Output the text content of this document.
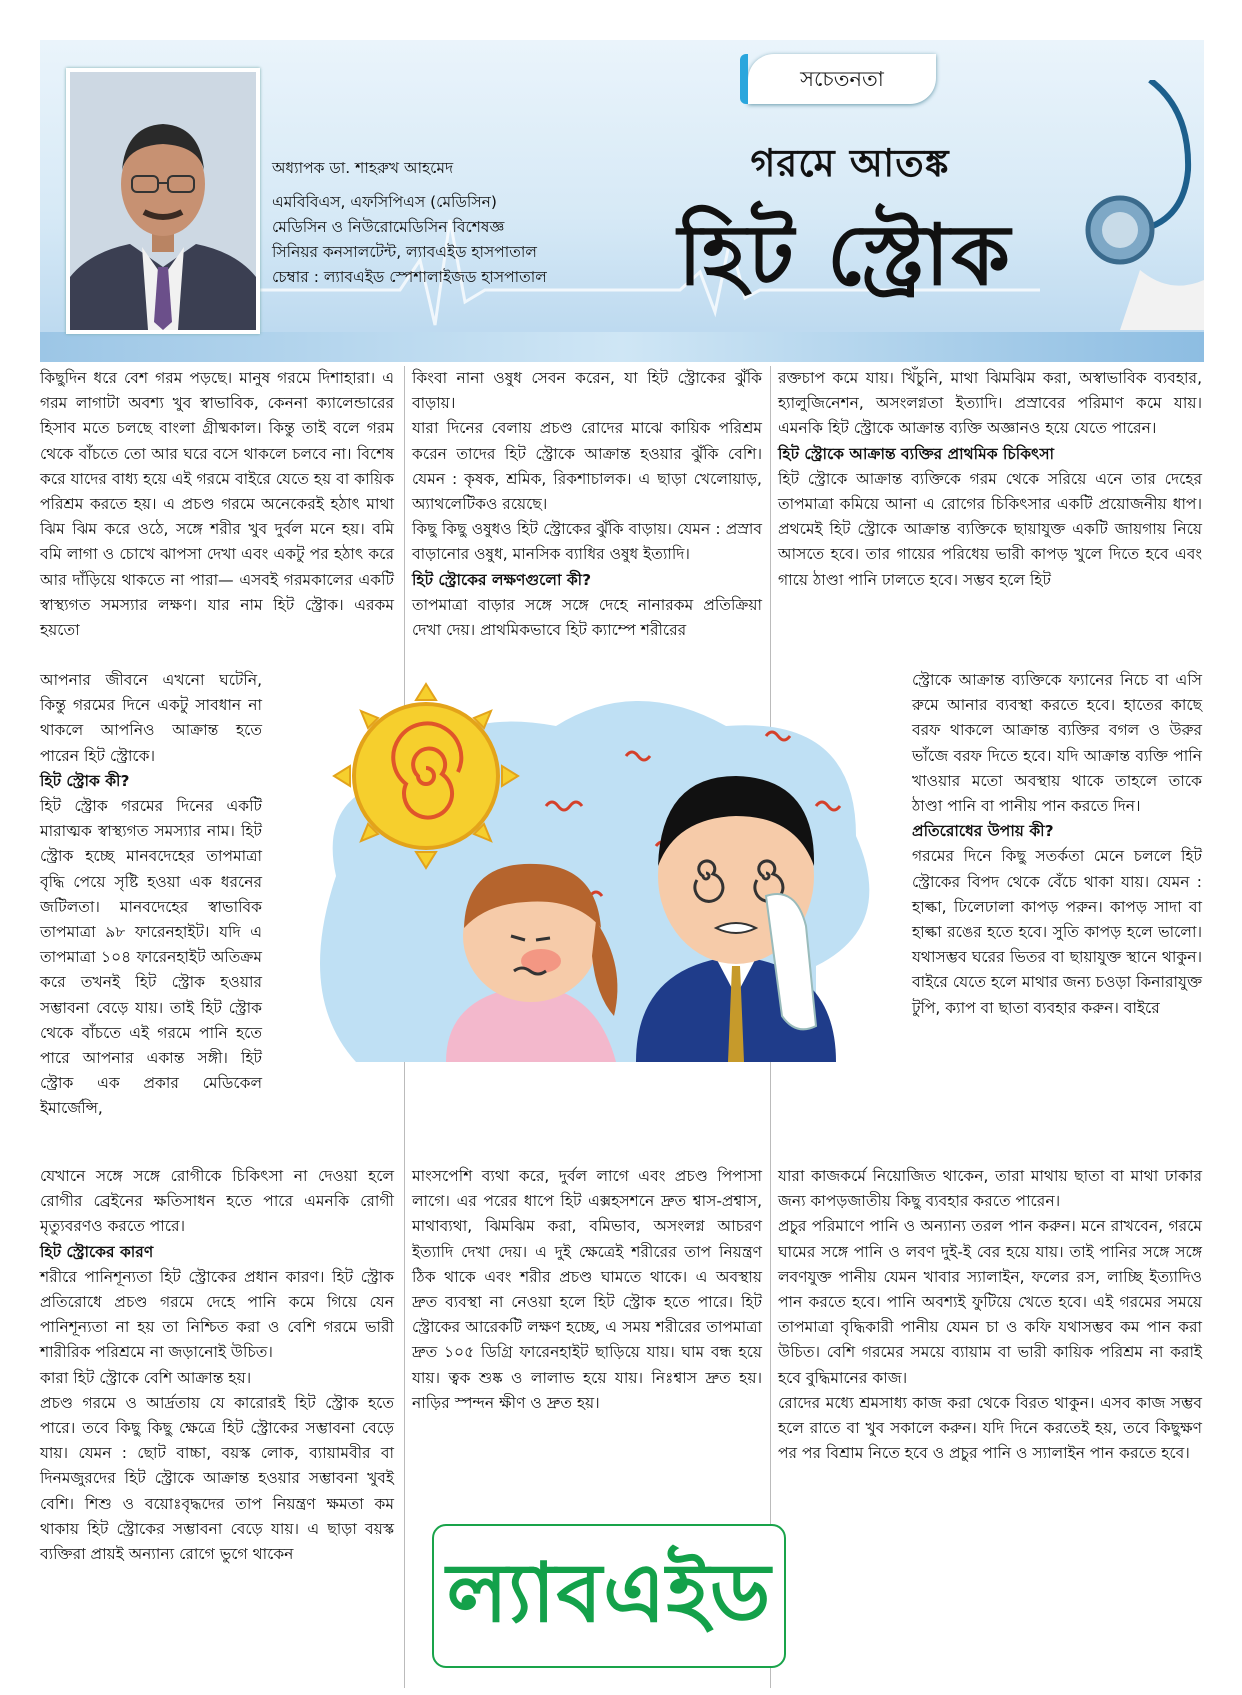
অধ্যাপক ডা. শাহরুখ আহমেদ
এমবিবিএস, এফসিপিএস (মেডিসিন)
মেডিসিন ও নিউরোমেডিসিন বিশেষজ্ঞ
সিনিয়র কনসালটেন্ট, ল্যাবএইড হাসপাতাল
চেম্বার : ল্যাবএইড স্পেশালাইজড হাসপাতাল
সচেতনতা
গরমে আতঙ্ক
হিট স্ট্রোক

কিছুদিন ধরে বেশ গরম পড়ছে। মানুষ গরমে দিশাহারা। এ গরম লাগাটা অবশ্য খুব স্বাভাবিক, কেননা ক্যালেন্ডারের হিসাব মতে চলছে বাংলা গ্রীষ্মকাল। কিন্তু তাই বলে গরম থেকে বাঁচতে তো আর ঘরে বসে থাকলে চলবে না। বিশেষ করে যাদের বাধ্য হয়ে এই গরমে বাইরে যেতে হয় বা কায়িক পরিশ্রম করতে হয়। এ প্রচণ্ড গরমে অনেকেরই হঠাৎ মাথা ঝিম ঝিম করে ওঠে, সঙ্গে শরীর খুব দুর্বল মনে হয়। বমি বমি লাগা ও চোখে ঝাপসা দেখা এবং একটু পর হঠাৎ করে আর দাঁড়িয়ে থাকতে না পারা— এসবই গরমকালের একটি স্বাস্থ্যগত সমস্যার লক্ষণ। যার নাম হিট স্ট্রোক। এরকম হয়তো

আপনার জীবনে এখনো ঘটেনি, কিন্তু গরমের দিনে একটু সাবধান না থাকলে আপনিও আক্রান্ত হতে পারেন হিট স্ট্রোকে।

হিট স্ট্রোক কী?

হিট স্ট্রোক গরমের দিনের একটি মারাত্মক স্বাস্থ্যগত সমস্যার নাম। হিট স্ট্রোক হচ্ছে মানবদেহের তাপমাত্রা বৃদ্ধি পেয়ে সৃষ্টি হওয়া এক ধরনের জটিলতা। মানবদেহের স্বাভাবিক তাপমাত্রা ৯৮ ফারেনহাইট। যদি এ তাপমাত্রা ১০৪ ফারেনহাইট অতিক্রম করে তখনই হিট স্ট্রোক হওয়ার সম্ভাবনা বেড়ে যায়। তাই হিট স্ট্রোক থেকে বাঁচতে এই গরমে পানি হতে পারে আপনার একান্ত সঙ্গী। হিট স্ট্রোক এক প্রকার মেডিকেল ইমার্জেন্সি,

যেখানে সঙ্গে সঙ্গে রোগীকে চিকিৎসা না দেওয়া হলে রোগীর ব্রেইনের ক্ষতিসাধন হতে পারে এমনকি রোগী মৃত্যুবরণও করতে পারে।

হিট স্ট্রোকের কারণ

শরীরে পানিশূন্যতা হিট স্ট্রোকের প্রধান কারণ। হিট স্ট্রোক প্রতিরোধে প্রচণ্ড গরমে দেহে পানি কমে গিয়ে যেন পানিশূন্যতা না হয় তা নিশ্চিত করা ও বেশি গরমে ভারী শারীরিক পরিশ্রমে না জড়ানোই উচিত।

কারা হিট স্ট্রোকে বেশি আক্রান্ত হয়।

প্রচণ্ড গরমে ও আর্দ্রতায় যে কারোরই হিট স্ট্রোক হতে পারে। তবে কিছু কিছু ক্ষেত্রে হিট স্ট্রোকের সম্ভাবনা বেড়ে যায়। যেমন : ছোট বাচ্চা, বয়স্ক লোক, ব্যায়ামবীর বা দিনমজুরদের হিট স্ট্রোকে আক্রান্ত হওয়ার সম্ভাবনা খুবই বেশি। শিশু ও বয়োঃবৃদ্ধদের তাপ নিয়ন্ত্রণ ক্ষমতা কম থাকায় হিট স্ট্রোকের সম্ভাবনা বেড়ে যায়। এ ছাড়া বয়স্ক ব্যক্তিরা প্রায়ই অন্যান্য রোগে ভুগে থাকেন

কিংবা নানা ওষুধ সেবন করেন, যা হিট স্ট্রোকের ঝুঁকি বাড়ায়।

যারা দিনের বেলায় প্রচণ্ড রোদের মাঝে কায়িক পরিশ্রম করেন তাদের হিট স্ট্রোকে আক্রান্ত হওয়ার ঝুঁকি বেশি। যেমন : কৃষক, শ্রমিক, রিকশাচালক। এ ছাড়া খেলোয়াড়, অ্যাথলেটিকও রয়েছে।

কিছু কিছু ওষুধও হিট স্ট্রোকের ঝুঁকি বাড়ায়। যেমন : প্রস্রাব বাড়ানোর ওষুধ, মানসিক ব্যাধির ওষুধ ইত্যাদি।

হিট স্ট্রোকের লক্ষণগুলো কী?

তাপমাত্রা বাড়ার সঙ্গে সঙ্গে দেহে নানারকম প্রতিক্রিয়া দেখা দেয়। প্রাথমিকভাবে হিট ক্যাম্পে শরীরের

মাংসপেশি ব্যথা করে, দুর্বল লাগে এবং প্রচণ্ড পিপাসা লাগে। এর পরের ধাপে হিট এক্সহসশনে দ্রুত শ্বাস-প্রশ্বাস, মাথাব্যথা, ঝিমঝিম করা, বমিভাব, অসংলগ্ন আচরণ ইত্যাদি দেখা দেয়। এ দুই ক্ষেত্রেই শরীরের তাপ নিয়ন্ত্রণ ঠিক থাকে এবং শরীর প্রচণ্ড ঘামতে থাকে। এ অবস্থায় দ্রুত ব্যবস্থা না নেওয়া হলে হিট স্ট্রোক হতে পারে। হিট স্ট্রোকের আরেকটি লক্ষণ হচ্ছে, এ সময় শরীরের তাপমাত্রা দ্রুত ১০৫ ডিগ্রি ফারেনহাইট ছাড়িয়ে যায়। ঘাম বন্ধ হয়ে যায়। ত্বক শুষ্ক ও লালাভ হয়ে যায়। নিঃশ্বাস দ্রুত হয়। নাড়ির স্পন্দন ক্ষীণ ও দ্রুত হয়।

রক্তচাপ কমে যায়। খিঁচুনি, মাথা ঝিমঝিম করা, অস্বাভাবিক ব্যবহার, হ্যালুজিনেশন, অসংলগ্নতা ইত্যাদি। প্রস্রাবের পরিমাণ কমে যায়। এমনকি হিট স্ট্রোকে আক্রান্ত ব্যক্তি অজ্ঞানও হয়ে যেতে পারেন।

হিট স্ট্রোকে আক্রান্ত ব্যক্তির প্রাথমিক চিকিৎসা

হিট স্ট্রোকে আক্রান্ত ব্যক্তিকে গরম থেকে সরিয়ে এনে তার দেহের তাপমাত্রা কমিয়ে আনা এ রোগের চিকিৎসার একটি প্রয়োজনীয় ধাপ। প্রথমেই হিট স্ট্রোকে আক্রান্ত ব্যক্তিকে ছায়াযুক্ত একটি জায়গায় নিয়ে আসতে হবে। তার গায়ের পরিধেয় ভারী কাপড় খুলে দিতে হবে এবং গায়ে ঠাণ্ডা পানি ঢালতে হবে। সম্ভব হলে হিট

স্ট্রোকে আক্রান্ত ব্যক্তিকে ফ্যানের নিচে বা এসি রুমে আনার ব্যবস্থা করতে হবে। হাতের কাছে বরফ থাকলে আক্রান্ত ব্যক্তির বগল ও উরুর ভাঁজে বরফ দিতে হবে। যদি আক্রান্ত ব্যক্তি পানি খাওয়ার মতো অবস্থায় থাকে তাহলে তাকে ঠাণ্ডা পানি বা পানীয় পান করতে দিন।

প্রতিরোধের উপায় কী?

গরমের দিনে কিছু সতর্কতা মেনে চললে হিট স্ট্রোকের বিপদ থেকে বেঁচে থাকা যায়। যেমন : হাল্কা, ঢিলেঢালা কাপড় পরুন। কাপড় সাদা বা হাল্কা রঙের হতে হবে। সুতি কাপড় হলে ভালো। যথাসম্ভব ঘরের ভিতর বা ছায়াযুক্ত স্থানে থাকুন। বাইরে যেতে হলে মাথার জন্য চওড়া কিনারাযুক্ত টুপি, ক্যাপ বা ছাতা ব্যবহার করুন। বাইরে

যারা কাজকর্মে নিয়োজিত থাকেন, তারা মাথায় ছাতা বা মাথা ঢাকার জন্য কাপড়জাতীয় কিছু ব্যবহার করতে পারেন।

প্রচুর পরিমাণে পানি ও অন্যান্য তরল পান করুন। মনে রাখবেন, গরমে ঘামের সঙ্গে পানি ও লবণ দুই-ই বের হয়ে যায়। তাই পানির সঙ্গে সঙ্গে লবণযুক্ত পানীয় যেমন খাবার স্যালাইন, ফলের রস, লাচ্ছি ইত্যাদিও পান করতে হবে। পানি অবশ্যই ফুটিয়ে খেতে হবে। এই গরমের সময়ে তাপমাত্রা বৃদ্ধিকারী পানীয় যেমন চা ও কফি যথাসম্ভব কম পান করা উচিত। বেশি গরমের সময়ে ব্যায়াম বা ভারী কায়িক পরিশ্রম না করাই হবে বুদ্ধিমানের কাজ।

রোদের মধ্যে শ্রমসাধ্য কাজ করা থেকে বিরত থাকুন। এসব কাজ সম্ভব হলে রাতে বা খুব সকালে করুন। যদি দিনে করতেই হয়, তবে কিছুক্ষণ পর পর বিশ্রাম নিতে হবে ও প্রচুর পানি ও স্যালাইন পান করতে হবে।

ল্যাবএইড
